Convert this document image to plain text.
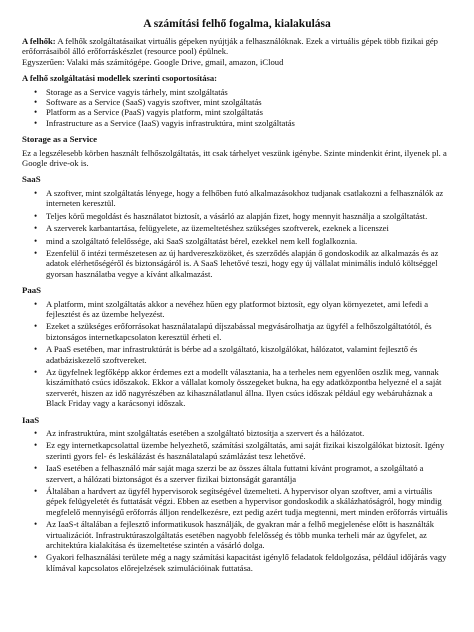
A számítási felhő fogalma, kialakulása

A felhők: A felhők szolgáltatásaikat virtuális gépeken nyújtják a felhasználóknak. Ezek a virtuális gépek több fizikai gép erőforrásaiból álló erőforráskészlet (resource pool) épülnek.

Egyszerűen: Valaki más számítógépe. Google Drive, gmail, amazon, iCloud

A felhő szolgáltatási modellek szerinti csoportosítása:

• Storage as a Service vagyis tárhely, mint szolgáltatás
• Software as a Service (SaaS) vagyis szoftver, mint szolgáltatás
• Platform as a Service (PaaS) vagyis platform, mint szolgáltatás
• Infrastructure as a Service (IaaS) vagyis infrastruktúra, mint szolgáltatás
Storage as a Service

Ez a legszélesebb körben használt felhőszolgáltatás, itt csak tárhelyet veszünk igénybe. Szinte mindenkit érint, ilyenek pl. a Google drive-ok is.

SaaS
• A szoftver, mint szolgáltatás lényege, hogy a felhőben futó alkalmazásokhoz tudjanak csatlakozni a felhasználók az interneten keresztül.
• Teljes körű megoldást és használatot biztosít, a vásárló az alapján fizet, hogy mennyit használja a szolgáltatást.
• A szerverek karbantartása, felügyelete, az üzemeltetéshez szükséges szoftverek, ezeknek a licenszei
• mind a szolgáltató felelőssége, aki SaaS szolgáltatást bérel, ezekkel nem kell foglalkoznia.
• Ezenfelül ő intézi természetesen az új hardvereszközöket, és szerződés alapján ő gondoskodik az alkalmazás és az adatok elérhetőségéről és biztonságáról is. A SaaS lehetővé teszi, hogy egy új vállalat minimális induló költséggel gyorsan használatba vegye a kívánt alkalmazást.
PaaS
• A platform, mint szolgáltatás akkor a nevéhez hűen egy platformot biztosít, egy olyan környezetet, ami lefedi a fejlesztést és az üzembe helyezést.
• Ezeket a szükséges erőforrásokat használatalapú díjszabással megvásárolhatja az ügyfél a felhőszolgáltatótól, és biztonságos internetkapcsolaton keresztül érheti el.
• A PaaS esetében, mar infrastruktúrát is bérbe ad a szolgáltató, kiszolgálókat, hálózatot, valamint fejlesztő és adatbáziskezelő szoftvereket.
• Az ügyfelnek legfőképp akkor érdemes ezt a modellt választania, ha a terheles nem egyenlően oszlik meg, vannak kiszámítható csúcs időszakok. Ekkor a vállalat komoly összegeket bukna, ha egy adatközpontba helyezné el a saját szerverét, hiszen az idő nagyrészében az kihasználatlanul állna. Ilyen csúcs időszak például egy webáruháznak a Black Friday vagy a karácsonyi időszak.
IaaS
• Az infrastruktúra, mint szolgáltatás esetében a szolgáltató biztosítja a szervert és a hálózatot.
• Ez egy internetkapcsolattal üzembe helyezhető, számítási szolgáltatás, ami saját fizikai kiszolgálókat biztosít. Igény szerinti gyors fel- és leskálázást és használatalapú számlázást tesz lehetővé.
• IaaS esetében a felhasználó már saját maga szerzi be az összes általa futtatni kívánt programot, a szolgáltató a szervert, a hálózati biztonságot és a szerver fizikai biztonságát garantálja
• Általában a hardvert az ügyfél hypervisorok segítségével üzemelteti. A hypervisor olyan szoftver, ami a virtuális gépek felügyeletét és futtatását végzi. Ebben az esetben a hypervisor gondoskodik a skálázhatóságról, hogy mindig megfelelő mennyiségű erőforrás álljon rendelkezésre, ezt pedig azért tudja megtenni, mert minden erőforrás virtuális
• Az IaaS-t általában a fejlesztő informatikusok használják, de gyakran már a felhő megjelenése előtt is használták virtualizációt. Infrastruktúraszolgáltatás esetében nagyobb felelősség és több munka terheli már az ügyfelet, az architektúra kialakítása és üzemeltetése szintén a vásárló dolga.
• Gyakori felhasználási területe még a nagy számítási kapacitást igénylő feladatok feldolgozása, például időjárás vagy klímával kapcsolatos előrejelzések szimulációinak futtatása.
